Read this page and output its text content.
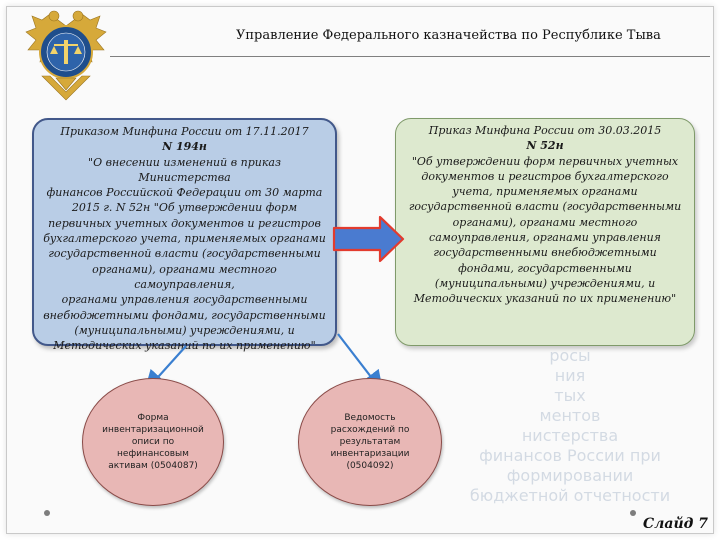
Управление Федерального казначейства по Республике Тыва
Приказом Минфина России от 17.11.2017
N 194н
"О внесении изменений в приказ Министерства
финансов Российской Федерации от 30 марта
2015 г. N 52н "Об утверждении форм
первичных учетных документов и регистров
бухгалтерского учета, применяемых органами
государственной власти (государственными
органами), органами местного самоуправления,
органами управления государственными
внебюджетными фондами, государственными
(муниципальными) учреждениями, и
Методических указаний по их применению"
Приказ Минфина России от 30.03.2015
N 52н
"Об утверждении форм первичных учетных
документов и регистров бухгалтерского
учета, применяемых органами
государственной власти (государственными
органами), органами местного
самоуправления, органами управления
государственными внебюджетными
фондами, государственными
(муниципальными) учреждениями, и
Методических указаний по их применению"
Форма
инвентаризационной
описи по
нефинансовым
активам (0504087)
Ведомость
расхождений по
результатам
инвентаризации
(0504092)
росы
ния
тых
ментов
нистерства
финансов России при
формировании
бюджетной отчетности
Слайд 7
